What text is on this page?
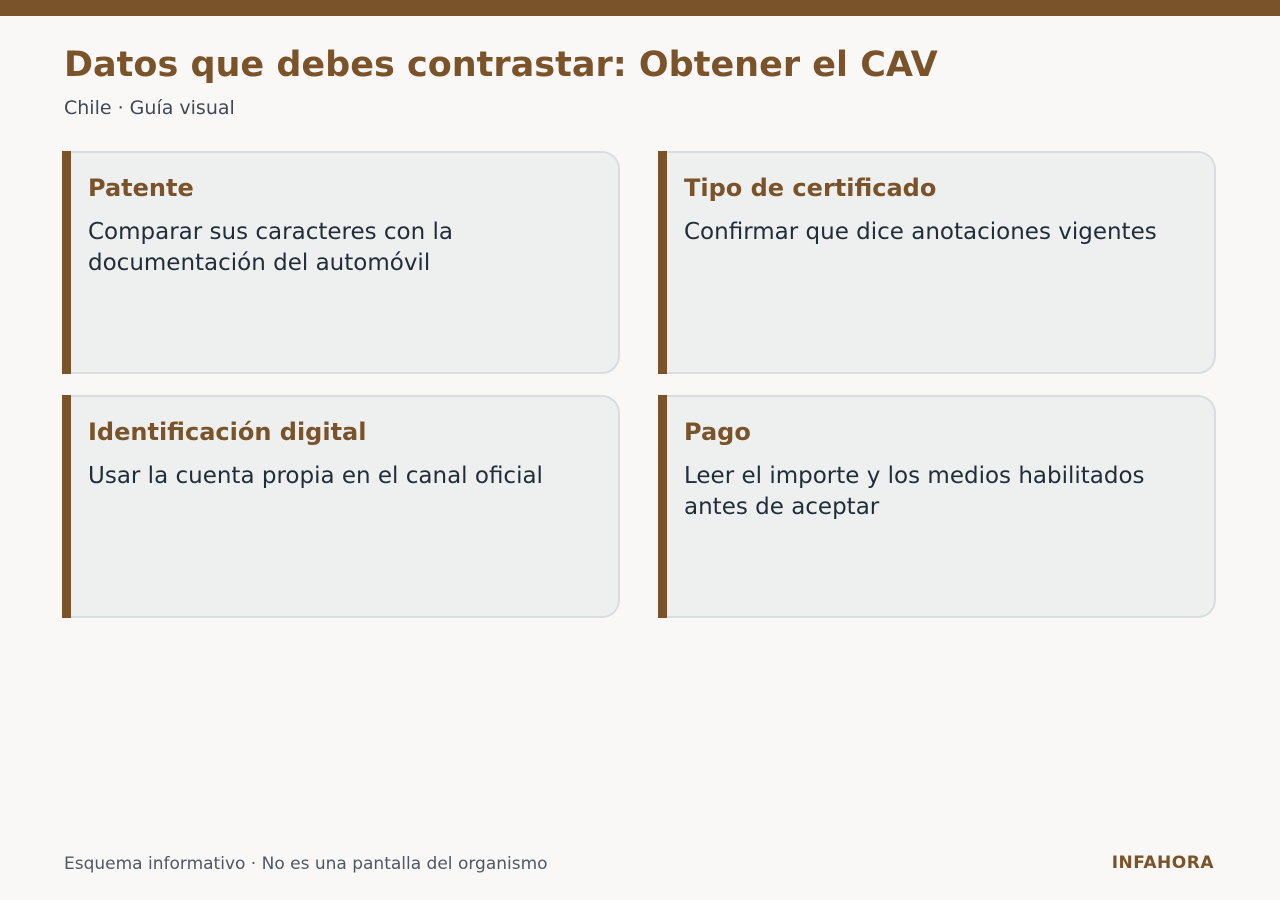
Datos que debes contrastar: Obtener el CAV
Chile · Guía visual
Patente
Comparar sus caracteres con la documentación del automóvil
Tipo de certificado
Confirmar que dice anotaciones vigentes
Identificación digital
Usar la cuenta propia en el canal oficial
Pago
Leer el importe y los medios habilitados antes de aceptar
Esquema informativo · No es una pantalla del organismo	INFAHORA
